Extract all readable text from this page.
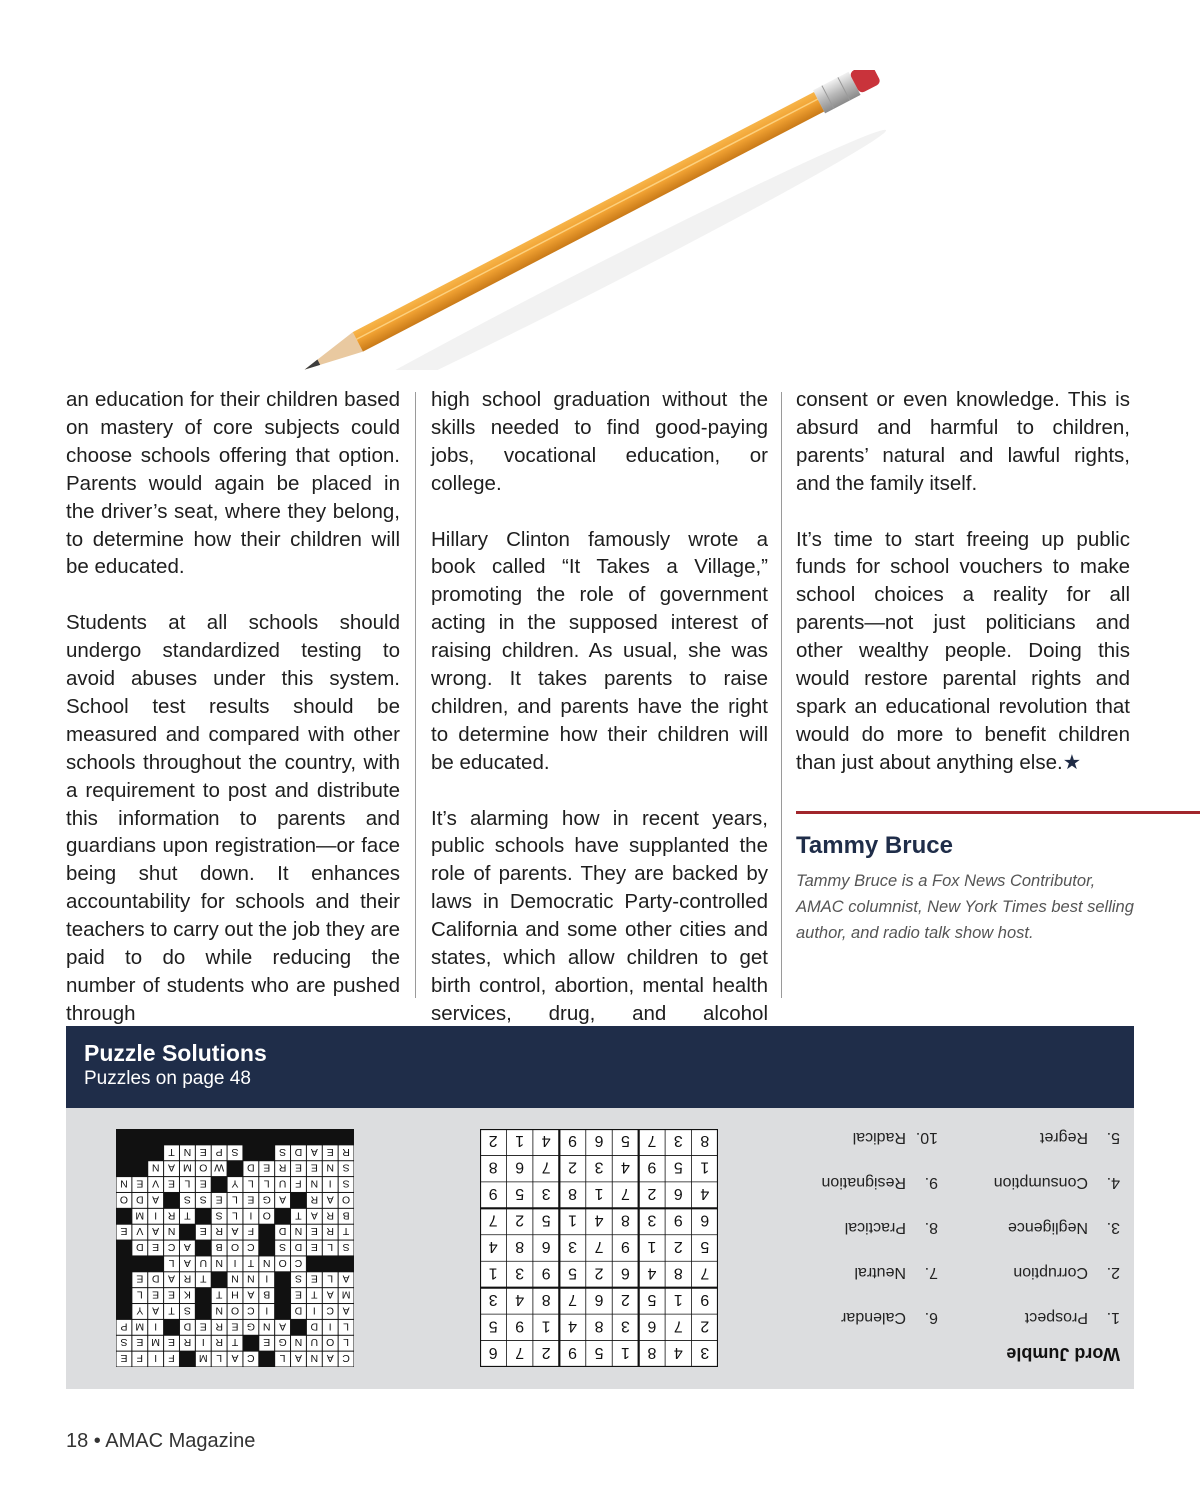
an education for their children based on mastery of core subjects could choose schools offering that option. Parents would again be placed in the driver’s seat, where they belong, to determine how their children will be educated.

Students at all schools should undergo standardized testing to avoid abuses under this system. School test results should be measured and compared with other schools throughout the country, with a requirement to post and distribute this information to parents and guardians upon registration—or face being shut down. It enhances accountability for schools and their teachers to carry out the job they are paid to do while reducing the number of students who are pushed through

high school graduation without the skills needed to find good-paying jobs, vocational education, or college.

Hillary Clinton famously wrote a book called “It Takes a Village,” promoting the role of government acting in the supposed interest of raising children. As usual, she was wrong. It takes parents to raise children, and parents have the right to determine how their children will be educated.

It’s alarming how in recent years, public schools have supplanted the role of parents. They are backed by laws in Democratic Party-controlled California and some other cities and states, which allow children to get birth control, abortion, mental health services, drug, and alcohol

consent or even knowledge. This is absurd and harmful to children, parents’ natural and lawful rights, and the family itself.

It’s time to start freeing up public funds for school vouchers to make school choices a reality for all parents—not just politicians and other wealthy people. Doing this would restore parental rights and spark an educational revolution that would do more to benefit children than just about anything else.★

Tammy Bruce
Tammy Bruce is a Fox News Contributor, AMAC columnist, New York Times best selling author, and radio talk show host.
Puzzle Solutions
Puzzles on page 48
C
A
N
A
L
C
A
L
M
F
I
F
E
L
O
U
N
G
E
T
R
I
R
E
M
E
S
L
I
D
A
N
G
E
R
E
D
I
M
P
A
C
I
D
I
C
O
N
S
T
A
Y
M
A
T
E
B
A
H
T
K
E
E
L
A
L
E
S
I
N
N
T
R
A
D
E
C
O
N
T
I
N
U
A
L
S
L
E
D
S
C
O
B
A
C
E
D
T
R
E
N
D
F
A
R
E
N
A
V
E
B
R
A
T
O
I
L
S
T
R
I
M
O
A
R
A
G
E
L
E
S
S
A
D
O
S
I
N
F
U
L
L
Y
E
L
E
V
E
N
S
N
E
E
R
E
D
W
O
M
A
N
R
E
A
D
S
S
P
E
N
T
3
4
8
1
5
9
2
7
6
2
7
6
3
8
4
1
9
5
9
1
5
2
6
7
8
4
3
7
8
4
6
2
5
9
3
1
5
2
1
9
7
3
6
8
4
6
9
3
8
4
1
5
2
7
4
6
2
7
1
8
3
5
9
1
5
9
4
3
2
7
6
8
8
3
7
5
6
9
4
1
2
Word Jumble
1.Prospect
2.Corruption
3.Negligence
4.Consumption
5.Regret
6.Calendar
7.Neutral
8.Practical
9.Resignation
10.Radical
18 • AMAC Magazine
